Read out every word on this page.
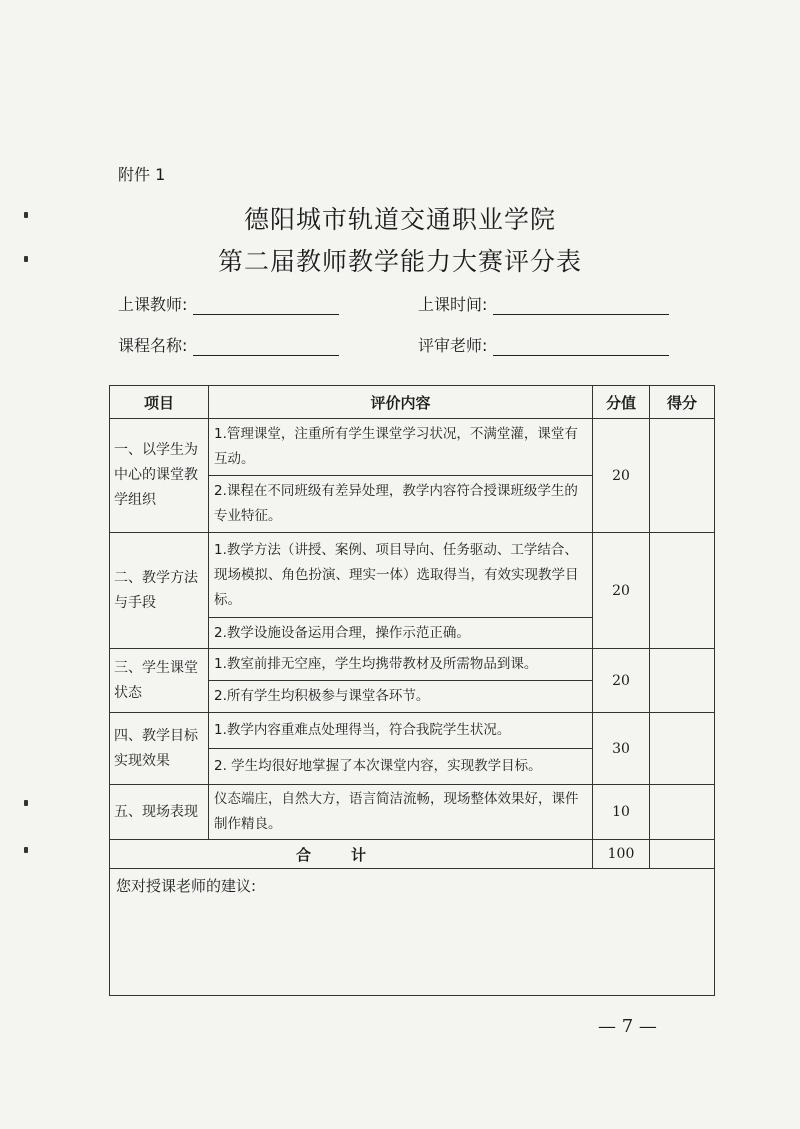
附件 1
德阳城市轨道交通职业学院
第二届教师教学能力大赛评分表
上课教师:	上课时间:
课程名称:	评审老师:
项目	评价内容	分值	得分
一、以学生为中心的课堂教学组织	1.管理课堂，注重所有学生课堂学习状况，不满堂灌，课堂有互动。	20	
	2.课程在不同班级有差异处理，教学内容符合授课班级学生的专业特征。		
二、教学方法与手段	1.教学方法（讲授、案例、项目导向、任务驱动、工学结合、现场模拟、角色扮演、理实一体）选取得当，有效实现教学目标。	20	
	2.教学设施设备运用合理，操作示范正确。		
三、学生课堂状态	1.教室前排无空座，学生均携带教材及所需物品到课。	20	
	2.所有学生均积极参与课堂各环节。		
四、教学目标实现效果	1.教学内容重难点处理得当，符合我院学生状况。	30	
	2. 学生均很好地掌握了本次课堂内容，实现教学目标。		
五、现场表现	仪态端庄，自然大方，语言简洁流畅，现场整体效果好，课件制作精良。	10	
合计		100	
您对授课老师的建议:			
— 7 —
